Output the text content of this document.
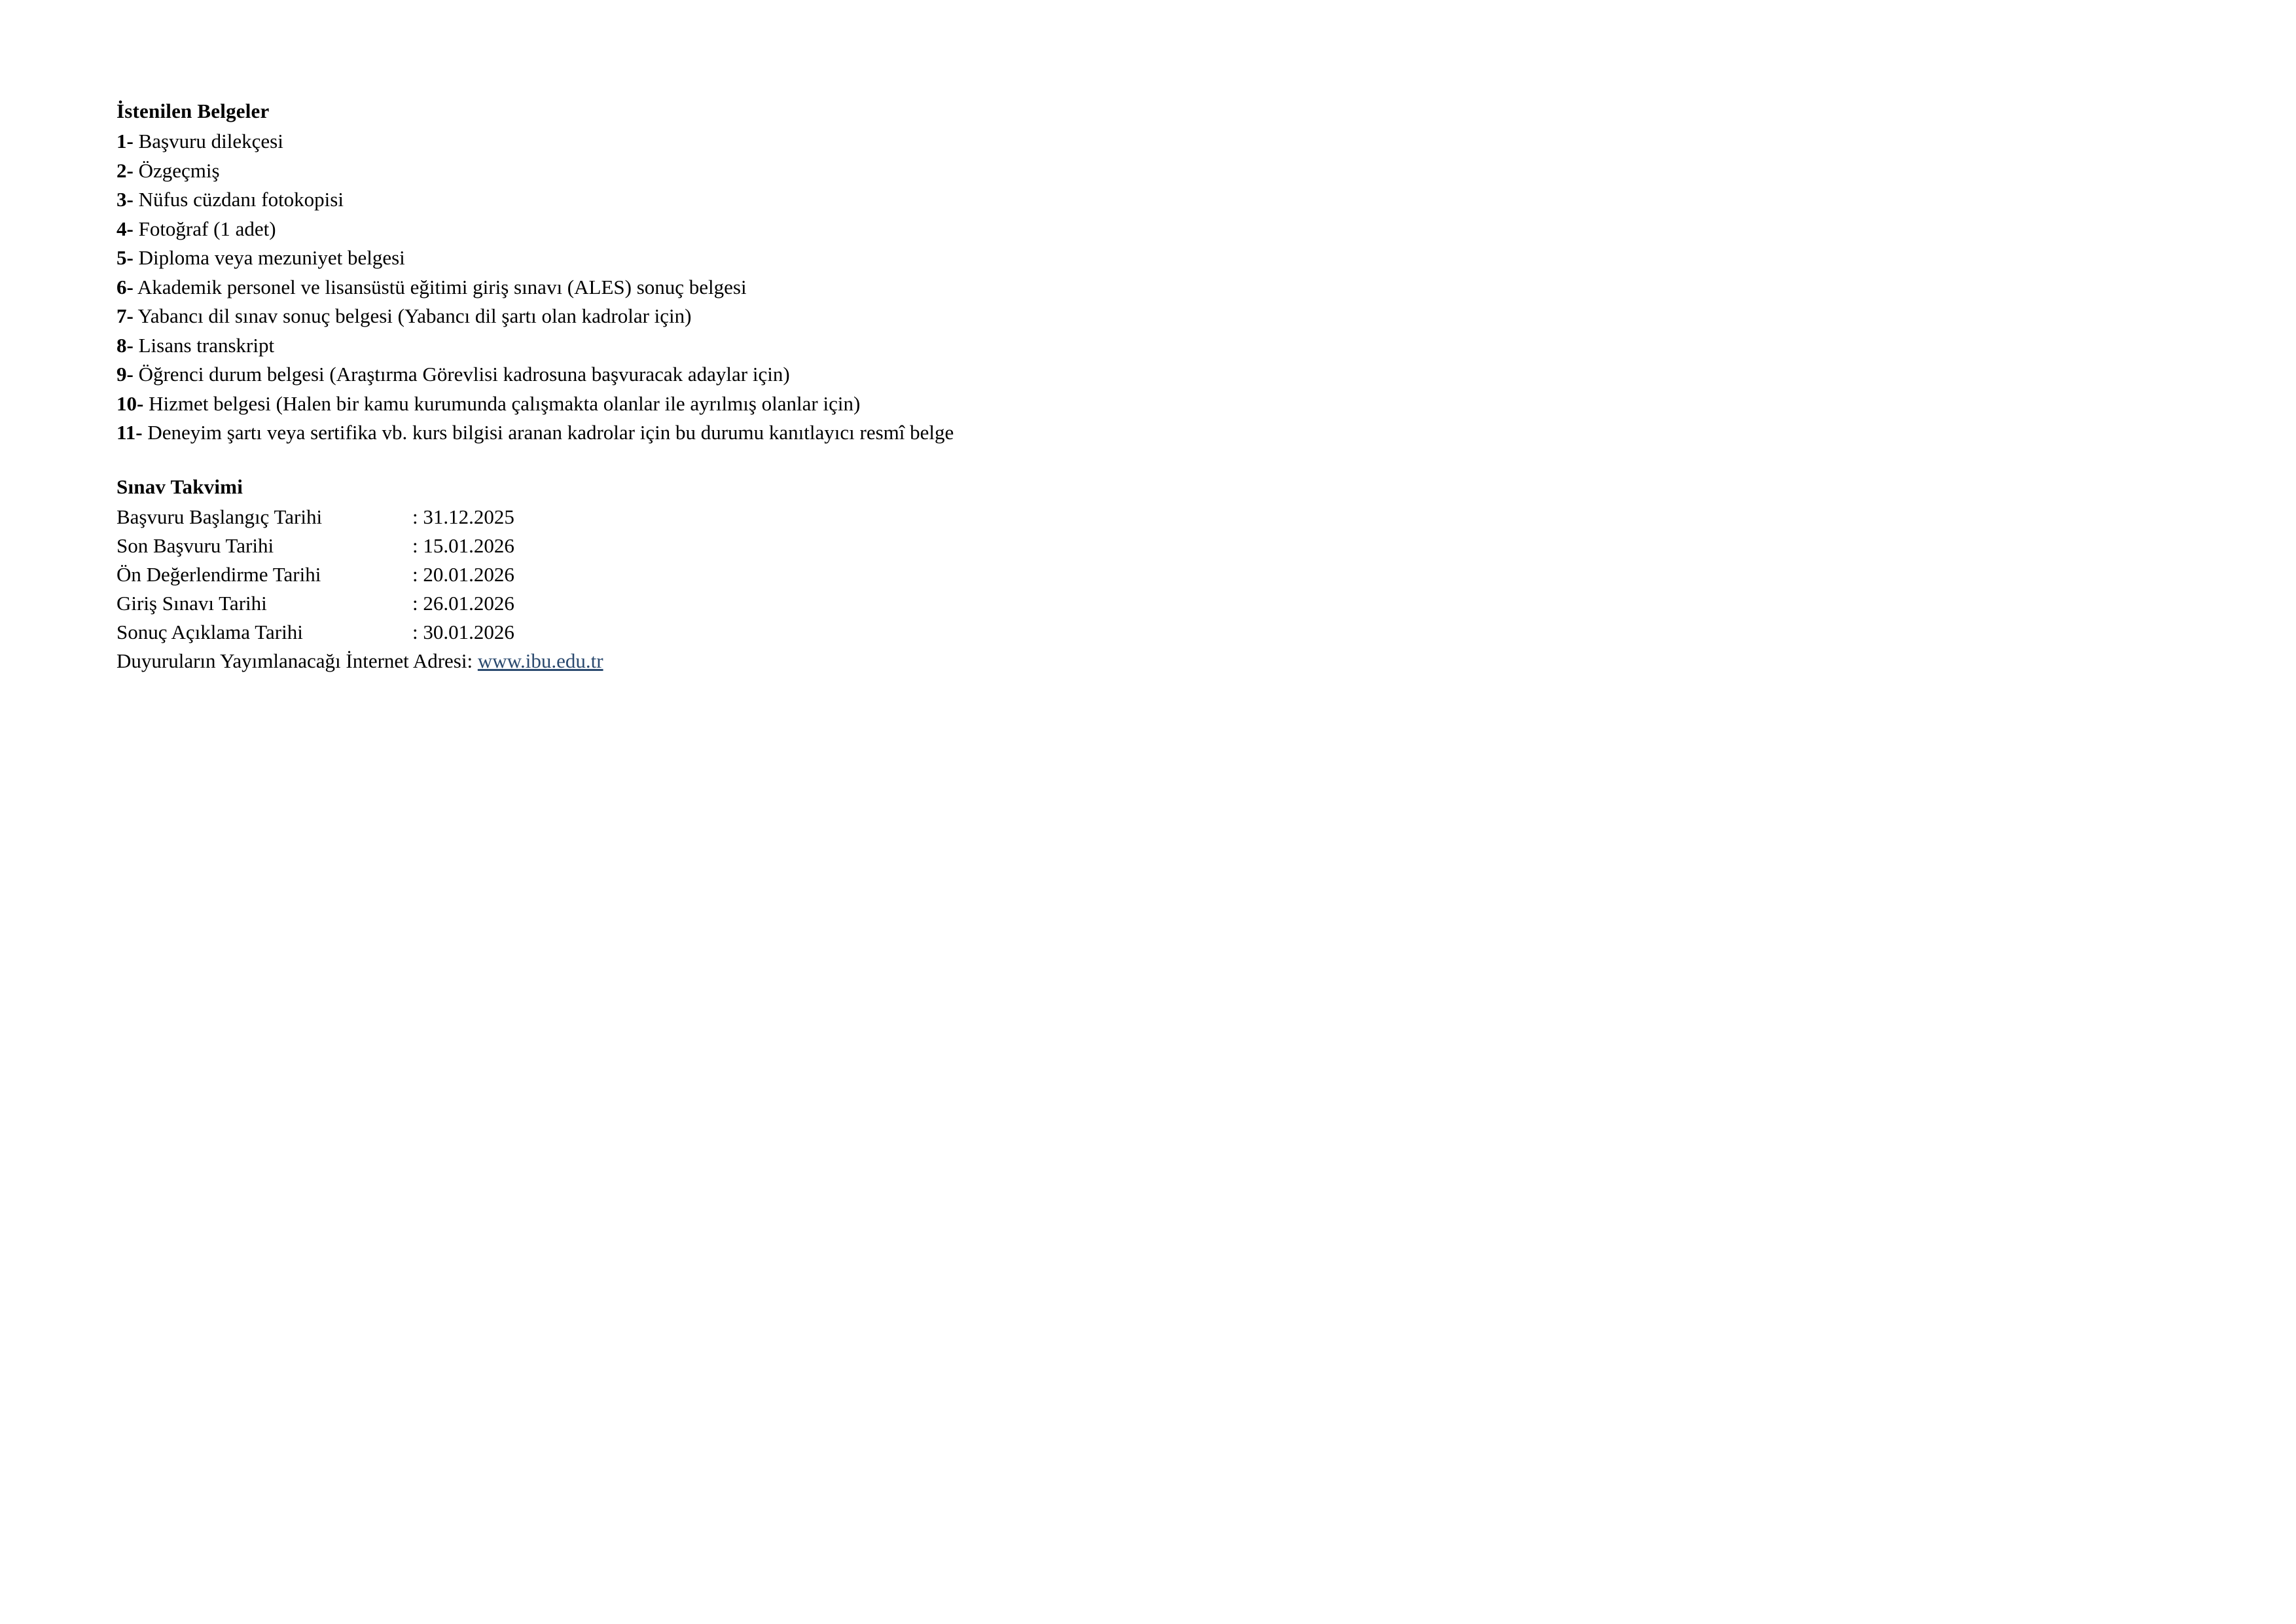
İstenilen Belgeler
1- Başvuru dilekçesi
2- Özgeçmiş
3- Nüfus cüzdanı fotokopisi
4- Fotoğraf (1 adet)
5- Diploma veya mezuniyet belgesi
6- Akademik personel ve lisansüstü eğitimi giriş sınavı (ALES) sonuç belgesi
7- Yabancı dil sınav sonuç belgesi (Yabancı dil şartı olan kadrolar için)
8- Lisans transkript
9- Öğrenci durum belgesi (Araştırma Görevlisi kadrosuna başvuracak adaylar için)
10- Hizmet belgesi (Halen bir kamu kurumunda çalışmakta olanlar ile ayrılmış olanlar için)
11- Deneyim şartı veya sertifika vb. kurs bilgisi aranan kadrolar için bu durumu kanıtlayıcı resmî belge
Sınav Takvimi
Başvuru Başlangıç Tarihi	: 31.12.2025
Son Başvuru Tarihi	: 15.01.2026
Ön Değerlendirme Tarihi	: 20.01.2026
Giriş Sınavı Tarihi	: 26.01.2026
Sonuç Açıklama Tarihi	: 30.01.2026
Duyuruların Yayımlanacağı İnternet Adresi: www.ibu.edu.tr	
